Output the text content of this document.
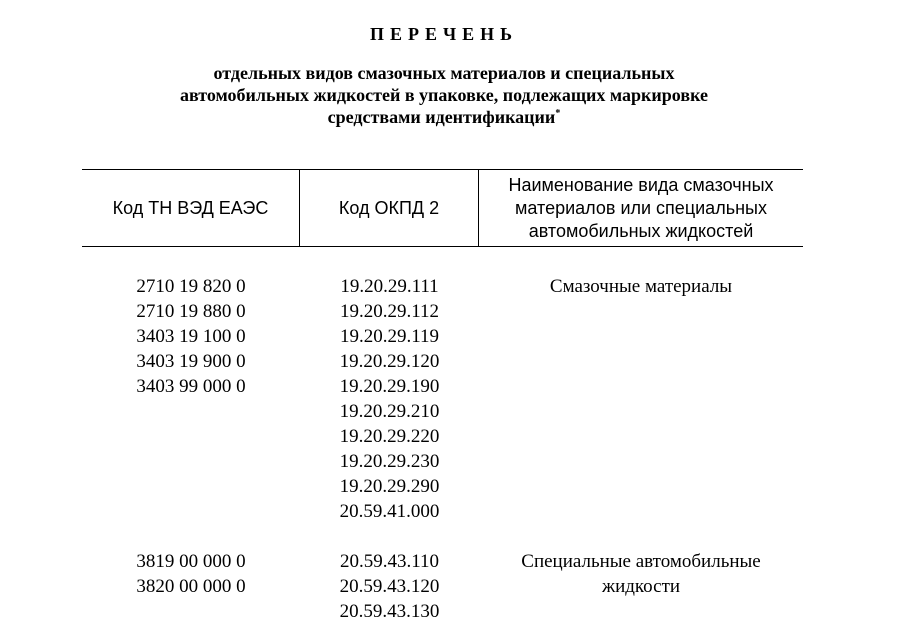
ПЕРЕЧЕНЬ

отдельных видов смазочных материалов и специальных
автомобильных жидкостей в упаковке, подлежащих маркировке
средствами идентификации*

Код ТН ВЭД ЕАЭС	Код ОКПД 2
Наименование вида смазочных
материалов или специальных
автомобильных жидкостей
2710 19 820 0
2710 19 880 0
3403 19 100 0
3403 19 900 0
3403 99 000 0
19.20.29.111
19.20.29.112
19.20.29.119
19.20.29.120
19.20.29.190
19.20.29.210
19.20.29.220
19.20.29.230
19.20.29.290
20.59.41.000
Смазочные материалы
3819 00 000 0
3820 00 000 0
20.59.43.110
20.59.43.120
20.59.43.130
Специальные автомобильные
жидкости
